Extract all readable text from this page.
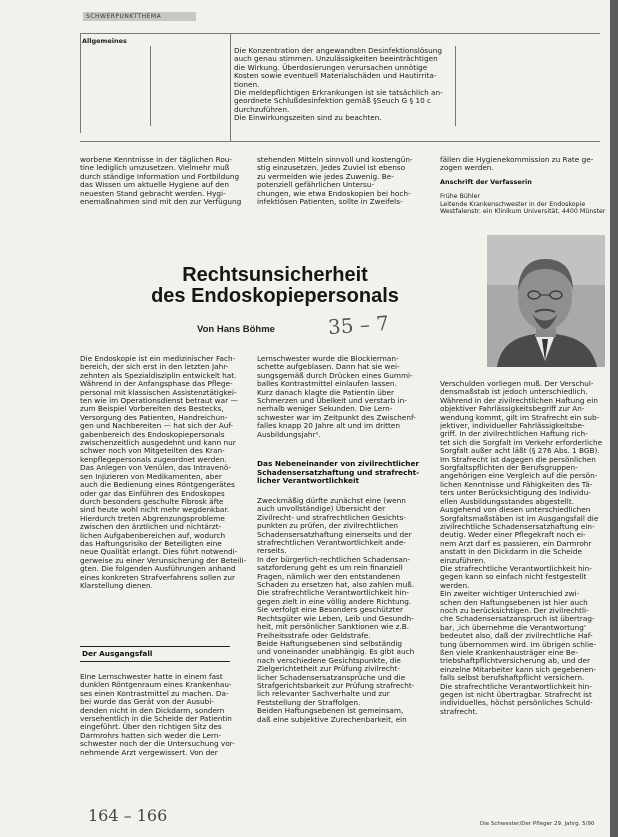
SCHWERPUNKTTHEMA
Allgemeines
Die Konzentration der angewandten Desinfektionslösung
auch genau stimmen. Unzulässigkeiten beeinträchtigen
die Wirkung. Überdosierungen verursachen unnötige
Kosten sowie eventuell Materialschäden und Hautirrita-
tionen.
Die meldepflichtigen Erkrankungen ist sie tatsächlich an-
geordnete Schlußdesinfektion gemäß §Seuch G § 10 c
durchzuführen.
Die Einwirkungszeiten sind zu beachten.
worbene Kenntnisse in der täglichen Rou-
tine lediglich umzusetzen. Vielmehr muß
durch ständige Information und Fortbildung
das Wissen um aktuelle Hygiene auf den
neuesten Stand gebracht werden. Hygi-
enemaßnahmen sind mit den zur Verfügung
stehenden Mitteln sinnvoll und kostengün-
stig einzusetzen. Jedes Zuviel ist ebenso
zu vermeiden wie jedes Zuwenig. Be-
potenziell gefährlichen Untersu-
chungen, wie etwa Endoskopien bei hoch-
infektiösen Patienten, sollte in Zweifels-
fällen die Hygienekommission zu Rate ge-
zogen werden.
Anschrift der Verfasserin
Frühe Bühler
Leitende Krankenschwester in der Endoskopie
Westfalenstr. ein Klinikum Universität, 4400 Münster
Rechtsunsicherheit
des Endoskopiepersonals
Von Hans Böhme	35 – 7
Die Endoskopie ist ein medizinischer Fach-
bereich, der sich erst in den letzten Jahr-
zehnten als Spezialdisziplin entwickelt hat.
Während in der Anfangsphase das Pflege-
personal mit klassischen Assistenztätigkei-
ten wie im Operationsdienst betraut war —
zum Beispiel Vorbereiten des Bestecks,
Versorgung des Patienten, Handreichun-
gen und Nachbereiten — hat sich der Auf-
gabenbereich des Endoskopiepersonals
zwischenzeitlich ausgedehnt und kann nur
schwer noch von Mitgeteilten des Kran-
kenpflegepersonals zugeordnet werden.
Das Anlegen von Venülen, das Intravenö-
sen Injizieren von Medikamenten, aber
auch die Bedienung eines Röntgengerätes
oder gar das Einführen des Endoskopes
durch besonders geschulte Fibrosk äfte
sind heute wohl nicht mehr wegdenkbar.
Hierdurch treten Abgrenzungsprobleme
zwischen den ärztlichen und nichtärzt-
lichen Aufgabenbereichen auf, wodurch
das Haftungsrisiko der Beteiligten eine
neue Qualität erlangt. Dies führt notwendi-
gerweise zu einer Verunsicherung der Beteili-
gten. Die folgenden Ausführungen anhand
eines konkreten Strafverfahrens sollen zur
Klarstellung dienen.
Der Ausgangsfall
Eine Lernschwester hatte in einem fast
dunklen Röntgenraum eines Krankenhau-
ses einen Kontrastmittel zu machen. Da-
bei wurde das Gerät von der Ausubi-
denden nicht in den Dickdarm, sondern
versehentlich in die Scheide der Patientin
eingeführt. Über den richtigen Sitz des
Darmrohrs hatten sich weder die Lern-
schwester noch der die Untersuchung vor-
nehmende Arzt vergewissert. Von der
Lernschwester wurde die Blockierman-
schette aufgeblasen. Dann hat sie wei-
sungsgemäß durch Drücken eines Gummi-
balles Kontrastmittel einlaufen lassen.
Kurz danach klagte die Patientin über
Schmerzen und Übelkeit und verstarb in-
nerhalb weniger Sekunden. Die Lern-
schwester war im Zeitpunkt des Zwischenf-
falles knapp 20 Jahre alt und im dritten
Ausbildungsjahr¹.
Das Nebeneinander von zivilrechtlicher
Schadensersatzhaftung und strafrecht-
licher Verantwortlichkeit
Zweckmäßig dürfte zunächst eine (wenn
auch unvollständige) Übersicht der
Zivilrecht- und strafrechtlichen Gesichts-
punkten zu prüfen, der zivilrechtlichen
Schadensersatzhaftung einerseits und der
strafrechtlichen Verantwortlichkeit ande-
rerseits.
In der bürgerlich-rechtlichen Schadensan-
satzforderung geht es um rein finanziell
Fragen, nämlich wer den entstandenen
Schaden zu ersetzen hat, also zahlen muß.
Die strafrechtliche Verantwortlichkeit hin-
gegen zielt in eine völlig andere Richtung.
Sie verfolgt eine Besonders geschützter
Rechtsgüter wie Leben, Leib und Gesundh-
heit, mit persönlicher Sanktionen wie z.B.
Freiheitsstrafe oder Geldstrafe.
Beide Haftungsebenen sind selbständig
und voneinander unabhängig. Es gibt auch
nach verschiedene Gesichtspunkte, die
Zielgerichtetheit zur Prüfung zivilrecht-
licher Schadensersatzansprüche und die
Strafgerichtsbarkeit zur Prüfung strafrecht-
lich relevanter Sachverhalte und zur
Feststellung der Straffolgen.
Beiden Haftungsebenen ist gemeinsam,
daß eine subjektive Zurechenbarkeit, ein
Verschulden vorliegen muß. Der Verschul-
densmaßstab ist jedoch unterschiedlich.
Während in der zivilrechtlichen Haftung ein
objektiver Fahrlässigkeitsbegriff zur An-
wendung kommt, gilt im Strafrecht ein sub-
jektiver, individueller Fahrlässigkeitsbe-
griff. In der zivilrechtlichen Haftung rich-
tet sich die Sorgfalt im Verkehr erforderliche
Sorgfalt außer acht läßt (§ 276 Abs. 1 BGB).
Im Strafrecht ist dagegen die persönlichen
Sorgfaltspflichten der Berufsgruppen-
angehörigen eine Vergleich auf die persön-
lichen Kenntnisse und Fähigkeiten des Tä-
ters unter Berücksichtigung des Individu-
ellen Ausbildungsstandes abgestellt.
Ausgehend von diesen unterschiedlichen
Sorgfaltsmaßstäben ist im Ausgangsfall die
zivilrechtliche Schadensersatzhaftung ein-
deutig. Weder einer Pflegekraft noch ei-
nem Arzt darf es passieren, ein Darmrohr
anstatt in den Dickdarm in die Scheide
einzuführen.
Die strafrechtliche Verantwortlichkeit hin-
gegen kann so einfach nicht festgestellt
werden.
Ein zweiter wichtiger Unterschied zwi-
schen den Haftungsebenen ist hier auch
noch zu berücksichtigen. Der zivilrechtli-
che Schadensersatzanspruch ist übertrag-
bar, ‚ich übernehme die Verantwortung‘
bedeutet also, daß der zivilrechtliche Haf-
tung übernommen wird. Im übrigen schlie-
ßen viele Krankenhausträger eine Be-
triebshaftpflichtversicherung ab, und der
einzelne Mitarbeiter kann sich gegebenen-
falls selbst berufshaftpflicht versichern.
Die strafrechtliche Verantwortlichkeit hin-
gegen ist nicht übertragbar. Strafrecht ist
individuelles, höchst persönliches Schuld-
strafrecht.
164 – 166	Die Schwester/Der Pfleger 29. Jahrg. 5/90
